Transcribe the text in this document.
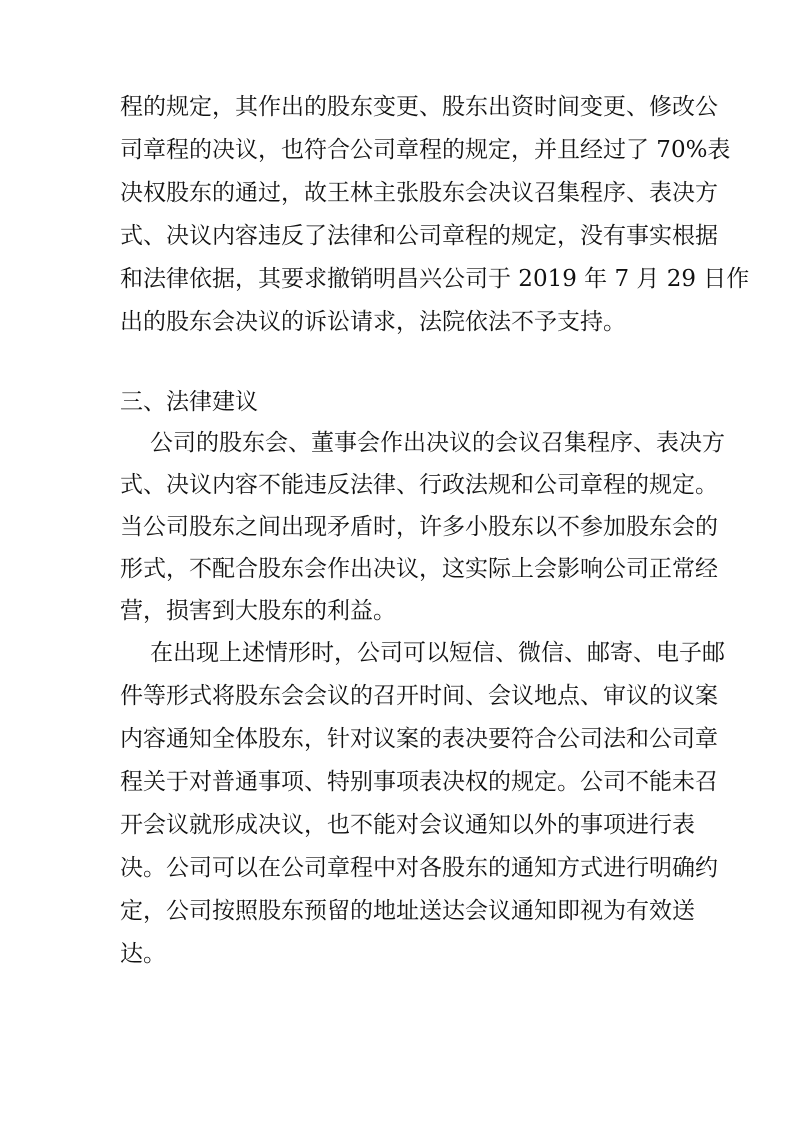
程的规定，其作出的股东变更、股东出资时间变更、修改公
司章程的决议，也符合公司章程的规定，并且经过了 70%表
决权股东的通过，故王林主张股东会决议召集程序、表决方
式、决议内容违反了法律和公司章程的规定，没有事实根据
和法律依据，其要求撤销明昌兴公司于 2019 年 7 月 29 日作
出的股东会决议的诉讼请求，法院依法不予支持。
三、法律建议
公司的股东会、董事会作出决议的会议召集程序、表决方
式、决议内容不能违反法律、行政法规和公司章程的规定。
当公司股东之间出现矛盾时，许多小股东以不参加股东会的
形式，不配合股东会作出决议，这实际上会影响公司正常经
营，损害到大股东的利益。
在出现上述情形时，公司可以短信、微信、邮寄、电子邮
件等形式将股东会会议的召开时间、会议地点、审议的议案
内容通知全体股东，针对议案的表决要符合公司法和公司章
程关于对普通事项、特别事项表决权的规定。公司不能未召
开会议就形成决议，也不能对会议通知以外的事项进行表
决。公司可以在公司章程中对各股东的通知方式进行明确约
定，公司按照股东预留的地址送达会议通知即视为有效送
达。
